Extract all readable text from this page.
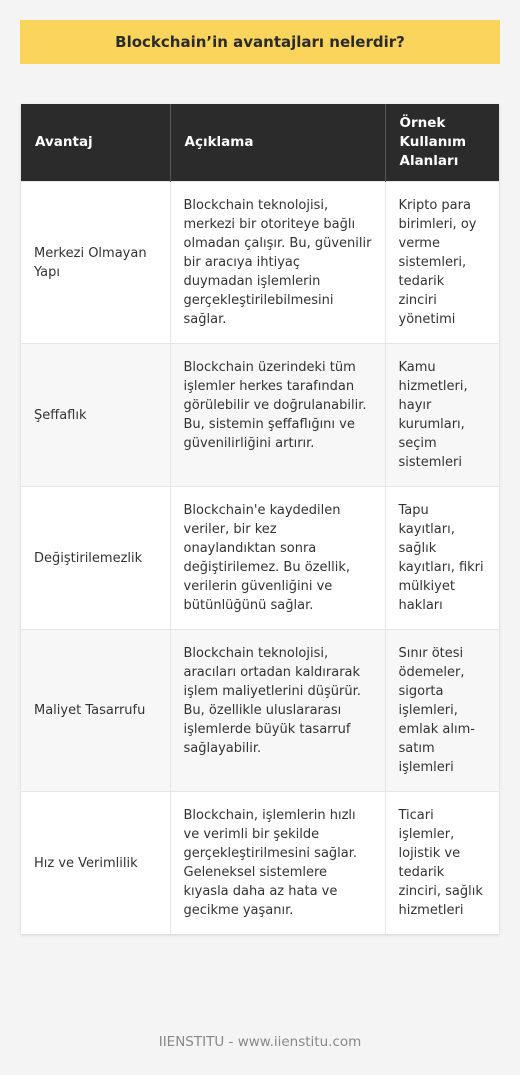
Blockchain’in avantajları nelerdir?
Avantaj	Açıklama	Örnek Kullanım Alanları
Merkezi Olmayan Yapı	Blockchain teknolojisi, merkezi bir otoriteye bağlı olmadan çalışır. Bu, güvenilir bir aracıya ihtiyaç duymadan işlemlerin gerçekleştirilebilmesini sağlar.	Kripto para birimleri, oy verme sistemleri, tedarik zinciri yönetimi
Şeffaflık	Blockchain üzerindeki tüm işlemler herkes tarafından görülebilir ve doğrulanabilir. Bu, sistemin şeffaflığını ve güvenilirliğini artırır.	Kamu hizmetleri, hayır kurumları, seçim sistemleri
Değiştirilemezlik	Blockchain'e kaydedilen veriler, bir kez onaylandıktan sonra değiştirilemez. Bu özellik, verilerin güvenliğini ve bütünlüğünü sağlar.	Tapu kayıtları, sağlık kayıtları, fikri mülkiyet hakları
Maliyet Tasarrufu	Blockchain teknolojisi, aracıları ortadan kaldırarak işlem maliyetlerini düşürür. Bu, özellikle uluslararası işlemlerde büyük tasarruf sağlayabilir.	Sınır ötesi ödemeler, sigorta işlemleri, emlak alım-satım işlemleri
Hız ve Verimlilik	Blockchain, işlemlerin hızlı ve verimli bir şekilde gerçekleştirilmesini sağlar. Geleneksel sistemlere kıyasla daha az hata ve gecikme yaşanır.	Ticari işlemler, lojistik ve tedarik zinciri, sağlık hizmetleri
IIENSTITU - www.iienstitu.com
